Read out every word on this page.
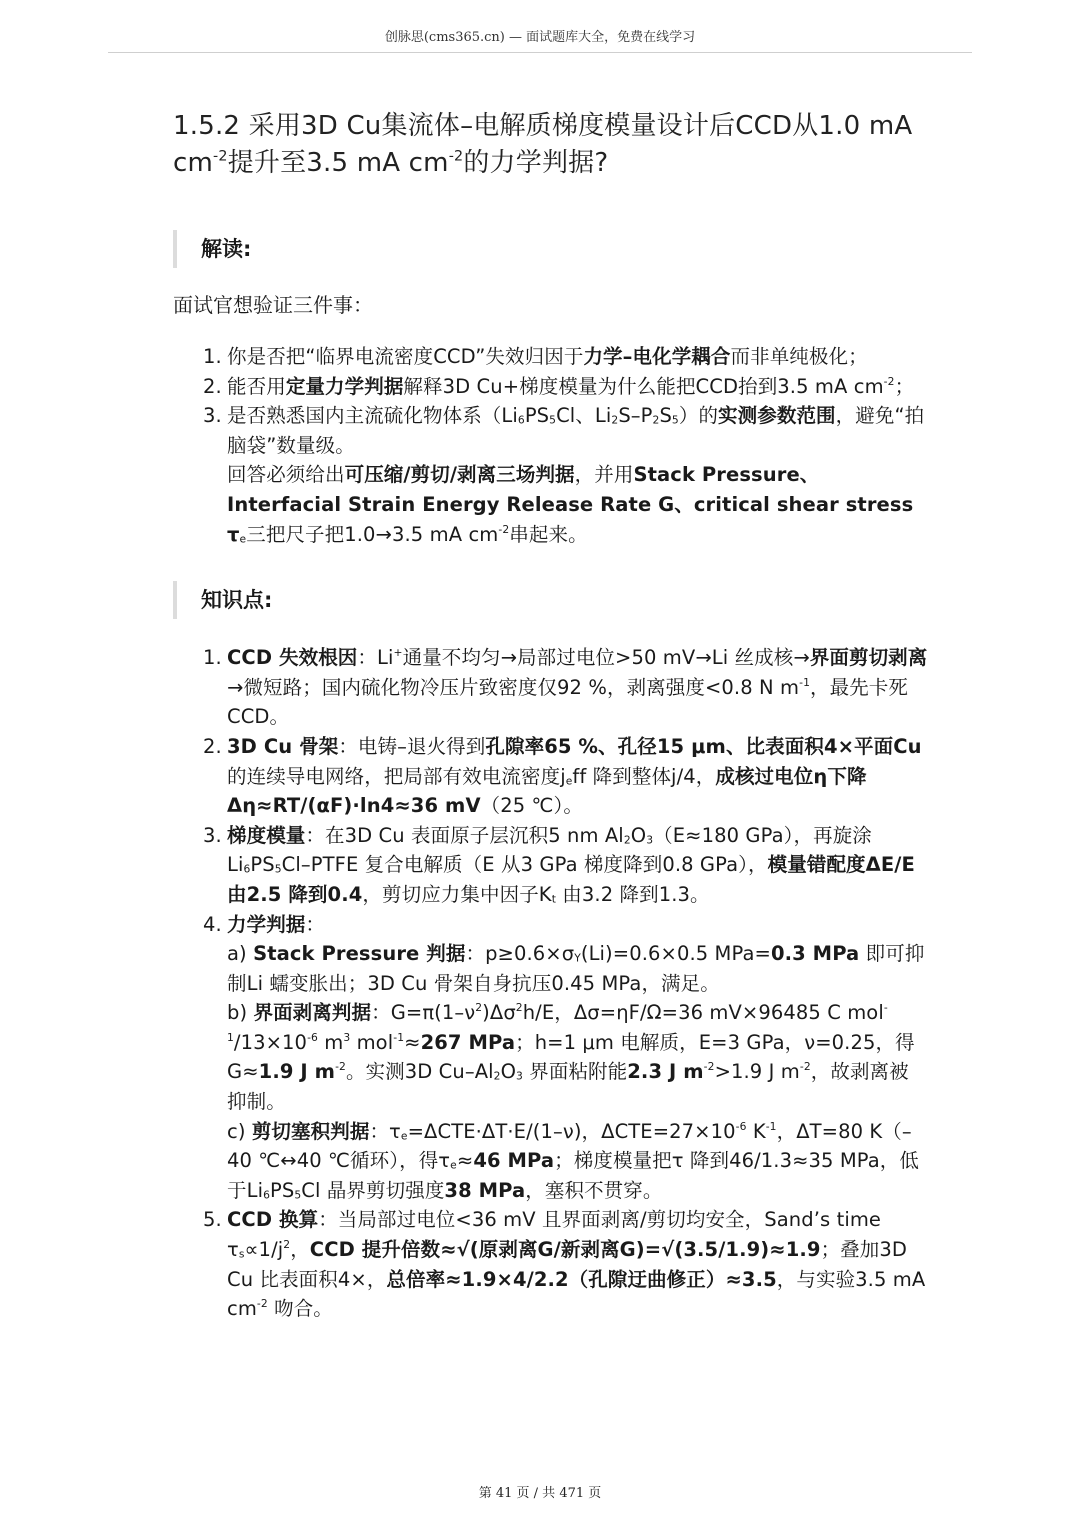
创脉思(cms365.cn) — 面试题库大全，免费在线学习
1.5.2 采用3D Cu集流体–电解质梯度模量设计后CCD从1.0 mA
$cm^{-2}$提升至3.5 mA $cm^{-2}$的力学判据?
解读:
面试官想验证三件事：
1. 你是否把“临界电流密度CCD”失效归因于力学–电化学耦合而非单纯极化；
2. 能否用定量力学判据解释3D Cu+梯度模量为什么能把CCD抬到3.5 mA $cm^{-2}$；
3. 是否熟悉国内主流硫化物体系（$Li_6PS_5Cl$、$Li_2S-P_2S_5$）的实测参数范围，避免“拍脑袋”数量级。
回答必须给出可压缩/剪切/剥离三场判据，并用Stack Pressure、Interfacial Strain Energy Release Rate G、critical shear stress $\tau_e$三把尺子把1.0→3.5 mA $cm^{-2}$串起来。
知识点:
1. CCD 失效根因：Li+通量不均匀→局部过电位>50 mV→Li 丝成核→界面剪切剥离→微短路；国内硫化物冷压片致密度仅92 %，剥离强度<0.8 N $m^{-1}$，最先卡死CCD。
2. 3D Cu 骨架：电铸–退火得到孔隙率65 %、孔径15 μm、比表面积4×平面Cu的连续导电网络，把局部有效电流密度$j_eff$ 降到整体j/4，成核过电位η下降Δη≈RT/(αF)·ln4≈36 mV（25 ℃）。
3. 梯度模量：在3D Cu 表面原子层沉积5 nm $Al_2O_3(E\approx 180$ GPa），再旋涂$Li_6PS_5Cl$–PTFE 复合电解质（E 从3 GPa 梯度降到0.8 GPa），模量错配度ΔE/E 由2.5 降到0.4，剪切应力集中因子$K_t$ 由3.2 降到1.3。
4. 力学判据：
a) Stack Pressure 判据：$p\ge 0.6\times\sigma_Y(Li)=0.6\times 0.5$ MPa=0.3 MPa 即可抑制Li 蠕变胀出；3D Cu 骨架自身抗压0.45 MPa，满足。
b) 界面剥离判据：$G=\pi(1-\nu^2)\Delta\sigma^2h/E$，Δσ=ηF/Ω=36 mV×96485 C $mol^{-1}/13\times 10^{-6}$ $m^3$ mol$^{-1}$≈267 MPa；h=1 μm 电解质，E=3 GPa，ν=0.25，得G≈1.9 J $m^{-2}$。实测3D $Cu-Al_2O_3$ 界面粘附能2.3 J $m^{-2}>1.9$ J $m^{-2}$，故剥离被抑制。
c) 剪切塞积判据：$\tau_e=\Delta CTE\cdot\Delta T\cdot E/(1-\nu)$，$\Delta CTE=27\times 10^{-6}$ $K^{-1}$，ΔT=80 K（–40 ℃↔40 ℃循环），得$\tau_e\approx 46$ MPa；梯度模量把τ 降到46/1.3≈35 MPa，低于$Li_6PS_5Cl$ 晶界剪切强度38 MPa，塞积不贯穿。
5. CCD 换算：当局部过电位<36 mV 且界面剥离/剪切均安全，Sand’s time $\tau_s\propto 1/j^2$，CCD 提升倍数≈√(原剥离G/新剥离G)=√(3.5/1.9)≈1.9；叠加3D Cu 比表面积4×，总倍率≈1.9×4/2.2（孔隙迂曲修正）≈3.5，与实验3.5 mA $cm^{-2}$ 吻合。
第 41 页 / 共 471 页
